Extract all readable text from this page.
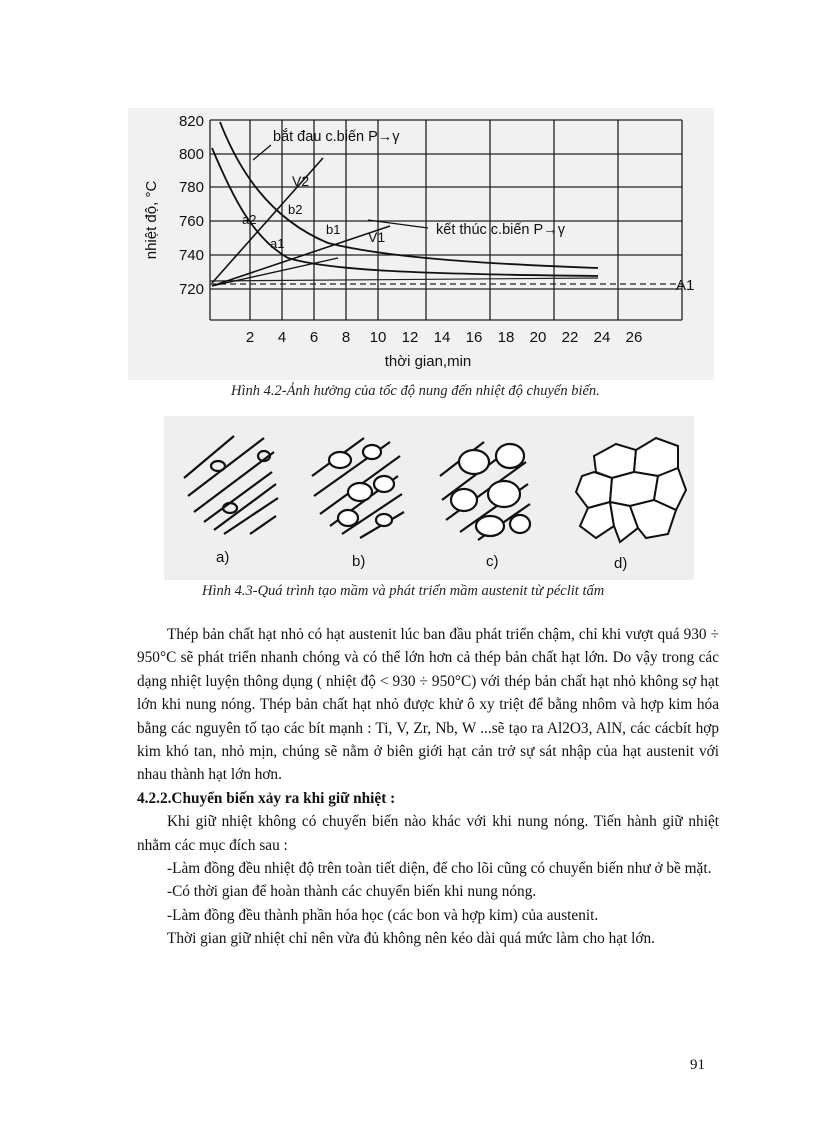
820
800
780
760
740
720
2 4 6 8 10 12 14 16 18 20 22 24 26
nhiệt độ, °C
thời gian,min
bắt đau c.biến P→γ
kết thúc c.biến P→γ
V2
V1
a2
a1
b2
b1
A1
Hình 4.2-Ảnh hưởng của tốc độ nung đến nhiệt độ chuyển biến.
a)	b)	c)	d)
Hình 4.3-Quá trình tạo mầm và phát triển mầm austenit từ péclit tấm

Thép bản chất hạt nhỏ có hạt austenit lúc ban đầu phát triển chậm, chỉ khi vượt quá 930 ÷ 950°C sẽ phát triển nhanh chóng và có thể lớn hơn cả thép bản chất hạt lớn. Do vậy trong các dạng nhiệt luyện thông dụng ( nhiệt độ < 930 ÷ 950°C) với thép bản chất hạt nhỏ không sợ hạt lớn khi nung nóng. Thép bản chất hạt nhỏ được khử ô xy triệt để bằng nhôm và hợp kim hóa bằng các nguyên tố tạo các bít mạnh : Ti, V, Zr, Nb, W ...sẽ tạo ra Al2O3, AlN, các cácbít hợp kim khó tan, nhỏ mịn, chúng sẽ nằm ở biên giới hạt cản trở sự sát nhập của hạt austenit với nhau thành hạt lớn hơn.

4.2.2.Chuyển biến xảy ra khi giữ nhiệt :

Khi giữ nhiệt không có chuyển biến nào khác với khi nung nóng. Tiến hành giữ nhiệt nhằm các mục đích sau :

-Làm đồng đều nhiệt độ trên toàn tiết diện, để cho lõi cũng có chuyển biến như ở bề mặt.

-Có thời gian để hoàn thành các chuyển biến khi nung nóng.

-Làm đồng đều thành phần hóa học (các bon và hợp kim) của austenit.

Thời gian giữ nhiệt chỉ nên vừa đủ không nên kéo dài quá mức làm cho hạt lớn.

91
